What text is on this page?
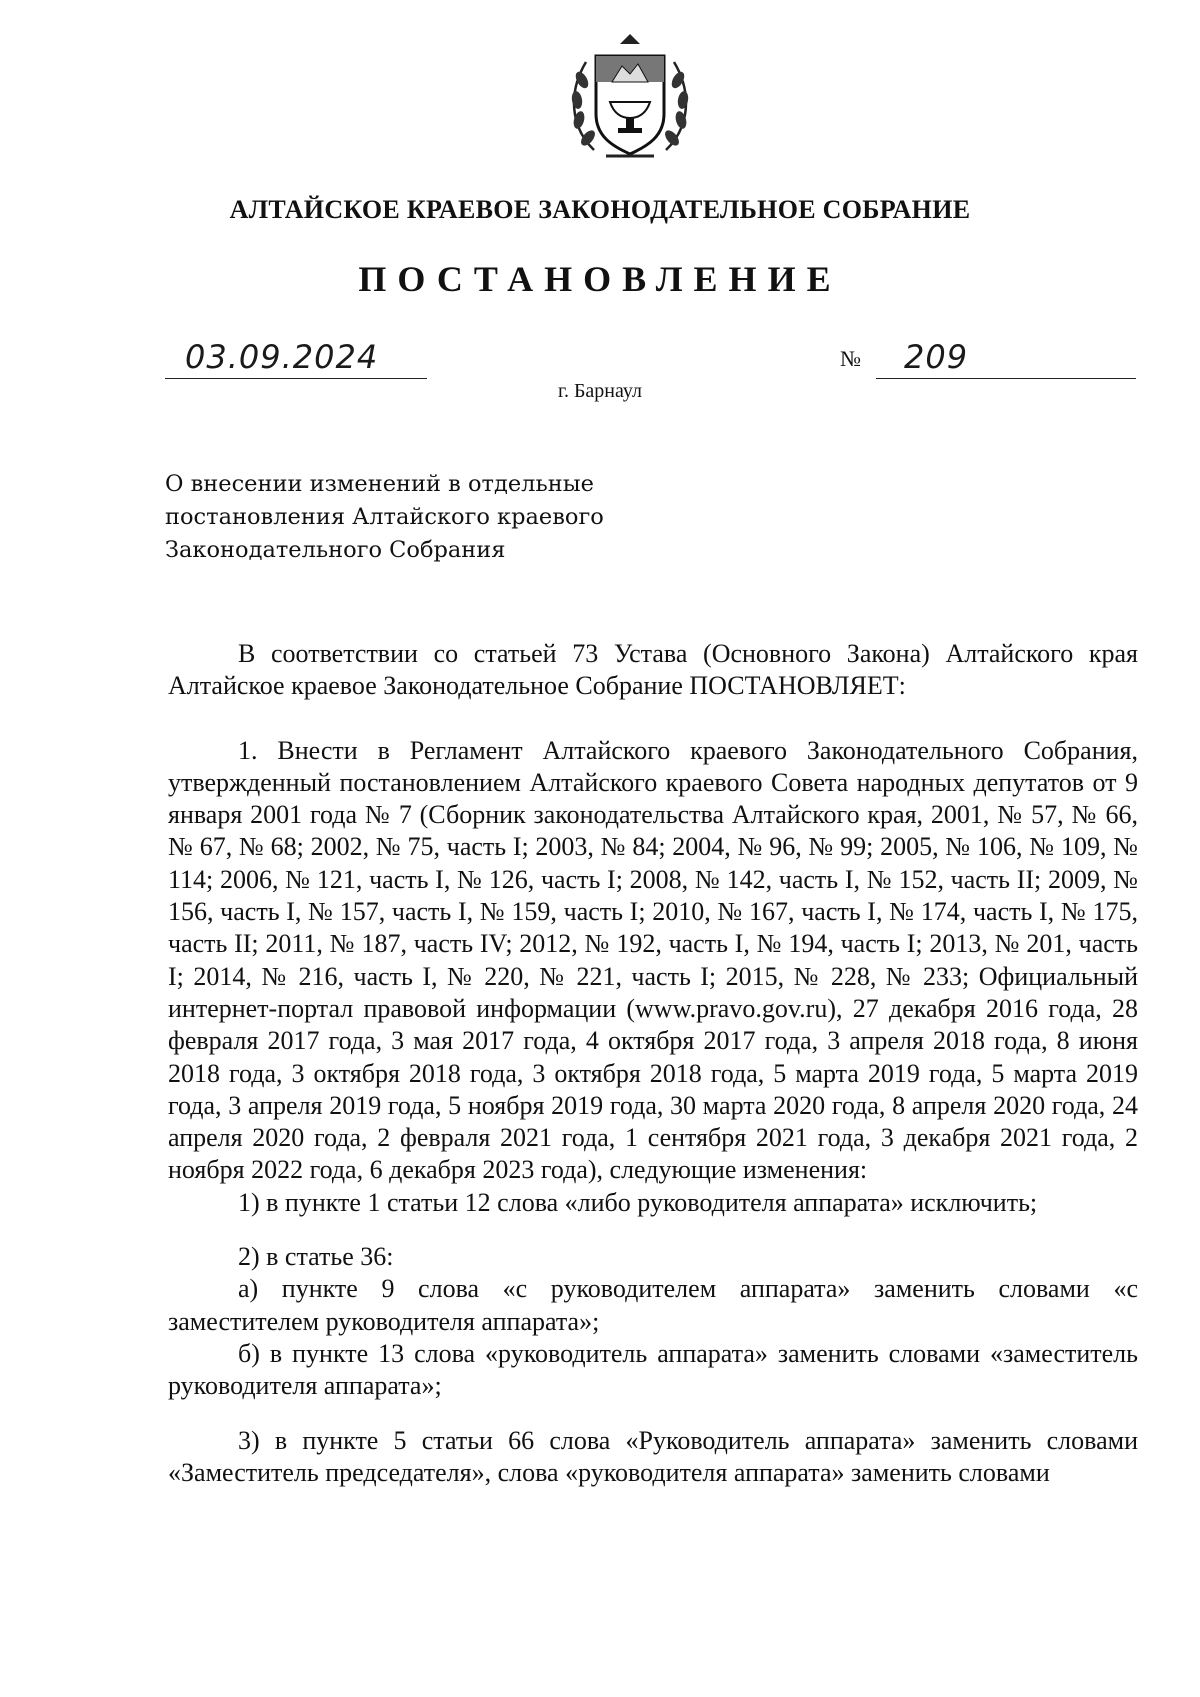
АЛТАЙСКОЕ КРАЕВОЕ ЗАКОНОДАТЕЛЬНОЕ СОБРАНИЕ
ПОСТАНОВЛЕНИЕ
03.09.2024	№ 209
г. Барнаул
О внесении изменений в отдельные
постановления Алтайского краевого
Законодательного Собрания

В соответствии со статьей 73 Устава (Основного Закона) Алтайского края Алтайское краевое Законодательное Собрание ПОСТАНОВЛЯЕТ:

1. Внести в Регламент Алтайского краевого Законодательного Собрания, утвержденный постановлением Алтайского краевого Совета народных депутатов от 9 января 2001 года № 7 (Сборник законодательства Алтайского края, 2001, № 57, № 66, № 67, № 68; 2002, № 75, часть I; 2003, № 84; 2004, № 96, № 99; 2005, № 106, № 109, № 114; 2006, № 121, часть I, № 126, часть I; 2008, № 142, часть I, № 152, часть II; 2009, № 156, часть I, № 157, часть I, № 159, часть I; 2010, № 167, часть I, № 174, часть I, № 175, часть II; 2011, № 187, часть IV; 2012, № 192, часть I, № 194, часть I; 2013, № 201, часть I; 2014, № 216, часть I, № 220, № 221, часть I; 2015, № 228, № 233; Официальный интернет-портал правовой информации (www.pravo.gov.ru), 27 декабря 2016 года, 28 февраля 2017 года, 3 мая 2017 года, 4 октября 2017 года, 3 апреля 2018 года, 8 июня 2018 года, 3 октября 2018 года, 3 октября 2018 года, 5 марта 2019 года, 5 марта 2019 года, 3 апреля 2019 года, 5 ноября 2019 года, 30 марта 2020 года, 8 апреля 2020 года, 24 апреля 2020 года, 2 февраля 2021 года, 1 сентября 2021 года, 3 декабря 2021 года, 2 ноября 2022 года, 6 декабря 2023 года), следующие изменения:

1) в пункте 1 статьи 12 слова «либо руководителя аппарата» исключить;

2) в статье 36:

а) пункте 9 слова «с руководителем аппарата» заменить словами «с заместителем руководителя аппарата»;

б) в пункте 13 слова «руководитель аппарата» заменить словами «заместитель руководителя аппарата»;

3) в пункте 5 статьи 66 слова «Руководитель аппарата» заменить словами «Заместитель председателя», слова «руководителя аппарата» заменить словами
